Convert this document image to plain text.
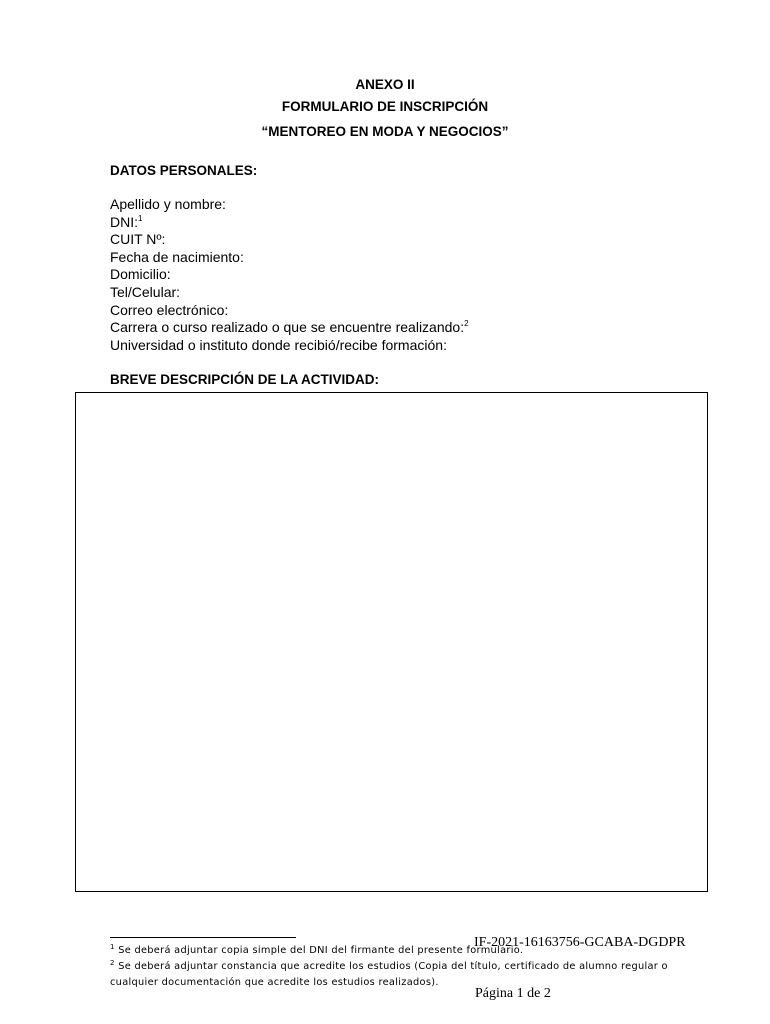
ANEXO II
FORMULARIO DE INSCRIPCIÓN
“MENTOREO EN MODA Y NEGOCIOS”
DATOS PERSONALES:
Apellido y nombre:
DNI:$^1$
CUIT Nº:
Fecha de nacimiento:
Domicilio:
Tel/Celular:
Correo electrónico:
Carrera o curso realizado o que se encuentre realizando:$^2$
Universidad o instituto donde recibió/recibe formación:
BREVE DESCRIPCIÓN DE LA ACTIVIDAD:
IF-2021-16163756-GCABA-DGDPR
$^1$ Se deberá adjuntar copia simple del DNI del firmante del presente formulario.
$^2$ Se deberá adjuntar constancia que acredite los estudios (Copia del título, certificado de alumno regular o
cualquier documentación que acredite los estudios realizados).
Página 1 de 2
